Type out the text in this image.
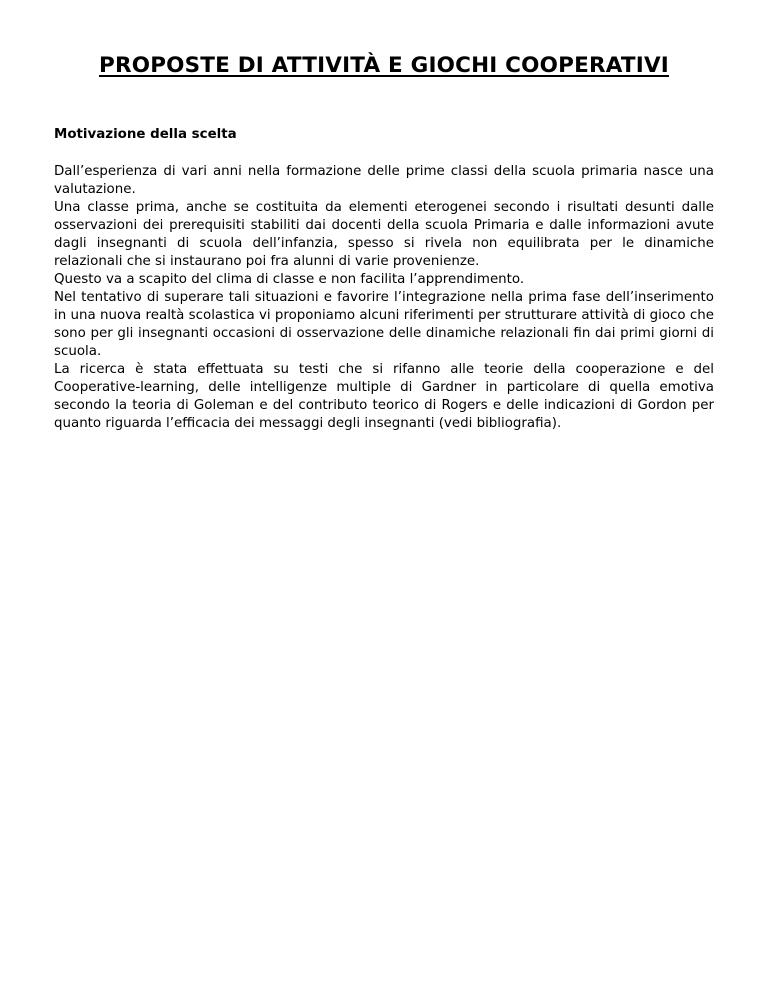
PROPOSTE DI ATTIVITÀ E GIOCHI COOPERATIVI
Motivazione della scelta

Dall’esperienza di vari anni nella formazione delle prime classi della scuola primaria nasce una valutazione.

Una classe prima, anche se costituita da elementi eterogenei secondo i risultati desunti dalle osservazioni dei prerequisiti stabiliti dai docenti della scuola Primaria e dalle informazioni avute dagli insegnanti di scuola dell’infanzia, spesso si rivela non equilibrata per le dinamiche relazionali che si instaurano poi fra alunni di varie provenienze.

Questo va a scapito del clima di classe e non facilita l’apprendimento.

Nel tentativo di superare tali situazioni e favorire l’integrazione nella prima fase dell’inserimento in una nuova realtà scolastica vi proponiamo alcuni riferimenti per strutturare attività di gioco che sono per gli insegnanti occasioni di osservazione delle dinamiche relazionali fin dai primi giorni di scuola.

La ricerca è stata effettuata su testi che si rifanno alle teorie della cooperazione e del Cooperative-learning, delle intelligenze multiple di Gardner in particolare di quella emotiva secondo la teoria di Goleman e del contributo teorico di Rogers e delle indicazioni di Gordon per quanto riguarda l’efficacia dei messaggi degli insegnanti (vedi bibliografia).
